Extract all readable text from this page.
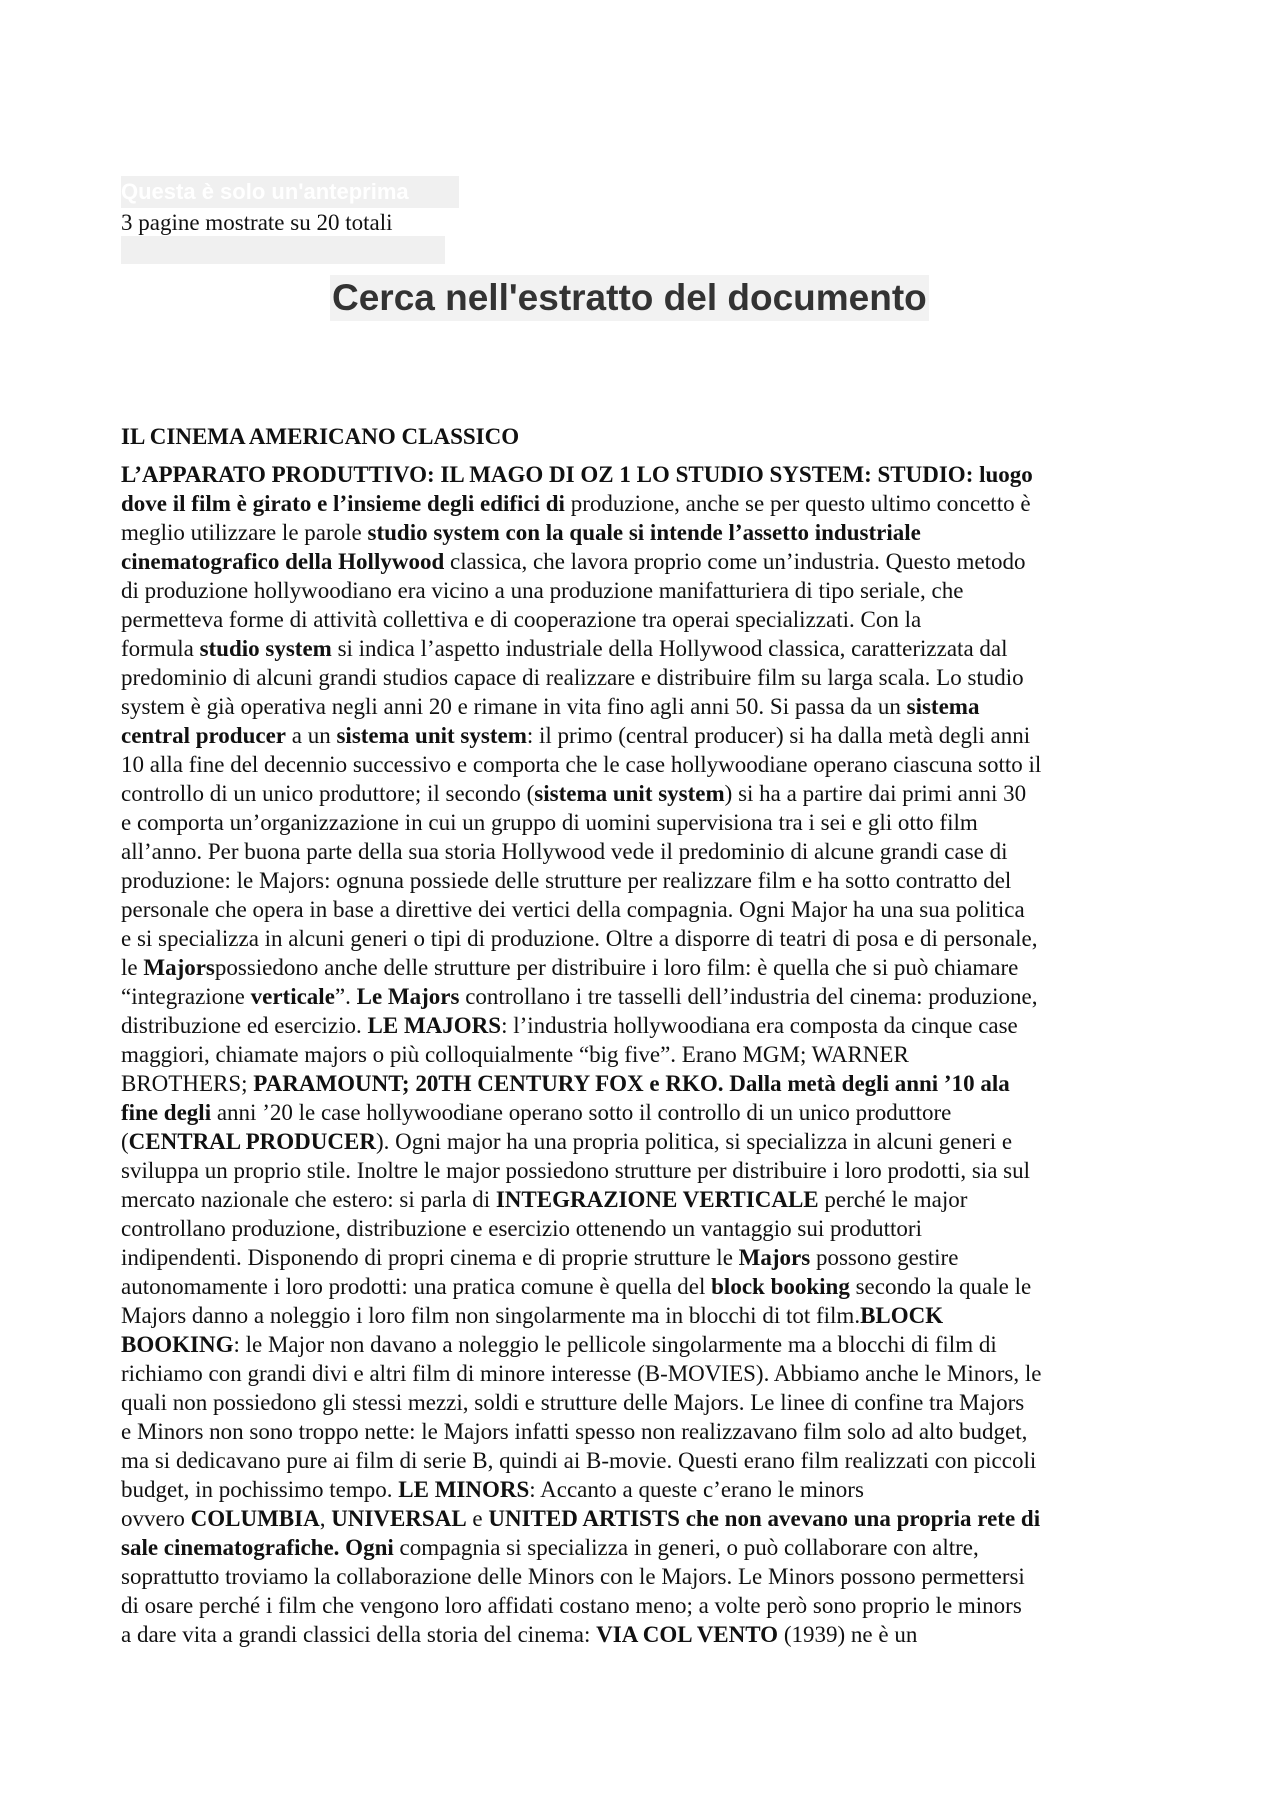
Questa è solo un'anteprima
3 pagine mostrate su 20 totali
Cerca nell'estratto del documento
IL CINEMA AMERICANO CLASSICO
L’APPARATO PRODUTTIVO: IL MAGO DI OZ 1 LO STUDIO SYSTEM: STUDIO: luogo
dove il film è girato e l’insieme degli edifici di produzione, anche se per questo ultimo concetto è
meglio utilizzare le parole studio system con la quale si intende l’assetto industriale
cinematografico della Hollywood classica, che lavora proprio come un’industria. Questo metodo
di produzione hollywoodiano era vicino a una produzione manifatturiera di tipo seriale, che
permetteva forme di attività collettiva e di cooperazione tra operai specializzati. Con la
formula studio system si indica l’aspetto industriale della Hollywood classica, caratterizzata dal
predominio di alcuni grandi studios capace di realizzare e distribuire film su larga scala. Lo studio
system è già operativa negli anni 20 e rimane in vita fino agli anni 50. Si passa da un sistema
central producer a un sistema unit system: il primo (central producer) si ha dalla metà degli anni
10 alla fine del decennio successivo e comporta che le case hollywoodiane operano ciascuna sotto il
controllo di un unico produttore; il secondo (sistema unit system) si ha a partire dai primi anni 30
e comporta un’organizzazione in cui un gruppo di uomini supervisiona tra i sei e gli otto film
all’anno. Per buona parte della sua storia Hollywood vede il predominio di alcune grandi case di
produzione: le Majors: ognuna possiede delle strutture per realizzare film e ha sotto contratto del
personale che opera in base a direttive dei vertici della compagnia. Ogni Major ha una sua politica
e si specializza in alcuni generi o tipi di produzione. Oltre a disporre di teatri di posa e di personale,
le Majorspossiedono anche delle strutture per distribuire i loro film: è quella che si può chiamare
“integrazione verticale”. Le Majors controllano i tre tasselli dell’industria del cinema: produzione,
distribuzione ed esercizio. LE MAJORS: l’industria hollywoodiana era composta da cinque case
maggiori, chiamate majors o più colloquialmente “big five”. Erano MGM; WARNER
BROTHERS; PARAMOUNT; 20TH CENTURY FOX e RKO. Dalla metà degli anni ’10 ala
fine degli anni ’20 le case hollywoodiane operano sotto il controllo di un unico produttore
(CENTRAL PRODUCER). Ogni major ha una propria politica, si specializza in alcuni generi e
sviluppa un proprio stile. Inoltre le major possiedono strutture per distribuire i loro prodotti, sia sul
mercato nazionale che estero: si parla di INTEGRAZIONE VERTICALE perché le major
controllano produzione, distribuzione e esercizio ottenendo un vantaggio sui produttori
indipendenti. Disponendo di propri cinema e di proprie strutture le Majors possono gestire
autonomamente i loro prodotti: una pratica comune è quella del block booking secondo la quale le
Majors danno a noleggio i loro film non singolarmente ma in blocchi di tot film.BLOCK
BOOKING: le Major non davano a noleggio le pellicole singolarmente ma a blocchi di film di
richiamo con grandi divi e altri film di minore interesse (B-MOVIES). Abbiamo anche le Minors, le
quali non possiedono gli stessi mezzi, soldi e strutture delle Majors. Le linee di confine tra Majors
e Minors non sono troppo nette: le Majors infatti spesso non realizzavano film solo ad alto budget,
ma si dedicavano pure ai film di serie B, quindi ai B-movie. Questi erano film realizzati con piccoli
budget, in pochissimo tempo. LE MINORS: Accanto a queste c’erano le minors
ovvero COLUMBIA, UNIVERSAL e UNITED ARTISTS che non avevano una propria rete di
sale cinematografiche. Ogni compagnia si specializza in generi, o può collaborare con altre,
soprattutto troviamo la collaborazione delle Minors con le Majors. Le Minors possono permettersi
di osare perché i film che vengono loro affidati costano meno; a volte però sono proprio le minors
a dare vita a grandi classici della storia del cinema: VIA COL VENTO (1939) ne è un
